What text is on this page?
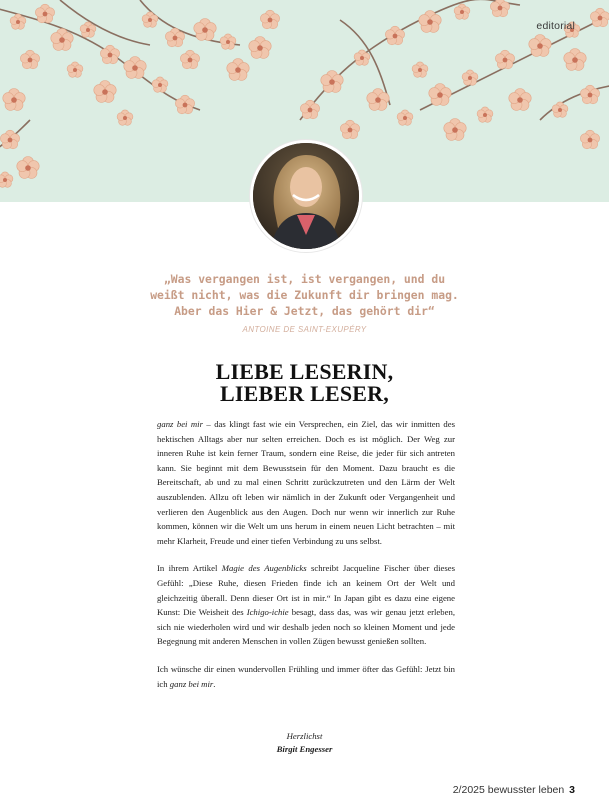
editorial

„Was vergangen ist, ist vergangen, und du
weißt nicht, was die Zukunft dir bringen mag.
Aber das Hier & Jetzt, das gehört dir“

ANTOINE DE SAINT-EXUPÉRY
LIEBE LESERIN,
LIEBER LESER,

ganz bei mir – das klingt fast wie ein Versprechen, ein Ziel, das wir inmitten des hektischen Alltags aber nur selten erreichen. Doch es ist möglich. Der Weg zur inneren Ruhe ist kein ferner Traum, sondern eine Reise, die jeder für sich antreten kann. Sie beginnt mit dem Bewusstsein für den Moment. Dazu braucht es die Bereitschaft, ab und zu mal einen Schritt zurückzutreten und den Lärm der Welt auszublenden. Allzu oft leben wir nämlich in der Zukunft oder Vergangenheit und verlieren den Augenblick aus den Augen. Doch nur wenn wir innerlich zur Ruhe kommen, können wir die Welt um uns herum in einem neuen Licht betrachten – mit mehr Klarheit, Freude und einer tiefen Verbindung zu uns selbst.

In ihrem Artikel Magie des Augenblicks schreibt Jacqueline Fischer über dieses Gefühl: „Diese Ruhe, diesen Frieden finde ich an keinem Ort der Welt und gleichzeitig überall. Denn dieser Ort ist in mir.“ In Japan gibt es dazu eine eigene Kunst: Die Weisheit des Ichigo-ichie besagt, dass das, was wir genau jetzt erleben, sich nie wiederholen wird und wir deshalb jeden noch so kleinen Moment und jede Begegnung mit anderen Menschen in vollen Zügen bewusst genießen sollten.

Ich wünsche dir einen wundervollen Frühling und immer öfter das Gefühl: Jetzt bin ich ganz bei mir.

Herzlichst
Birgit Engesser
2/2025 bewusster leben 3
